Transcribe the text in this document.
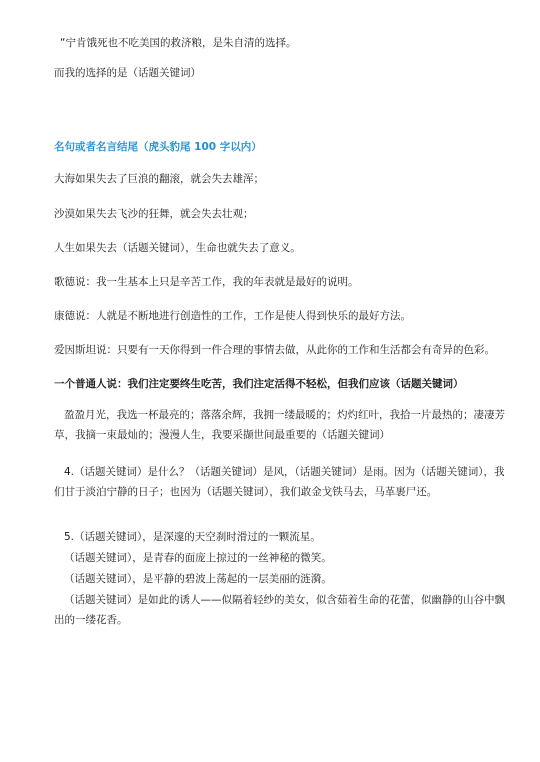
“宁肯饿死也不吃美国的救济粮，是朱自清的选择。
而我的选择的是（话题关键词）
名句或者名言结尾（虎头豹尾 100 字以内）
大海如果失去了巨浪的翻滚，就会失去雄浑；
沙漠如果失去飞沙的狂舞，就会失去壮观；
人生如果失去（话题关键词），生命也就失去了意义。
歌德说：我一生基本上只是辛苦工作，我的年表就是最好的说明。
康德说：人就是不断地进行创造性的工作，工作是使人得到快乐的最好方法。
爱因斯坦说：只要有一天你得到一件合理的事情去做，从此你的工作和生活都会有奇异的色彩。
一个普通人说：我们注定要终生吃苦，我们注定活得不轻松，但我们应该（话题关键词）
盈盈月光，我选一杯最亮的；落落余辉，我拥一缕最暖的；灼灼红叶，我拾一片最热的；凄凄芳草，我摘一束最灿的；漫漫人生，我要采撷世间最重要的（话题关键词）
4.（话题关键词）是什么？（话题关键词）是风，（话题关键词）是雨。因为（话题关键词），我们甘于淡泊宁静的日子；也因为（话题关键词），我们敢金戈铁马去，马革裹尸还。
5.（话题关键词），是深邃的天空刹时滑过的一颗流星。
（话题关键词），是青春的面庞上掠过的一丝神秘的微笑。
（话题关键词），是平静的碧波上荡起的一层美丽的涟漪。
（话题关键词）是如此的诱人——似隔着轻纱的美女，似含茹着生命的花蕾，似幽静的山谷中飘出的一缕花香。
